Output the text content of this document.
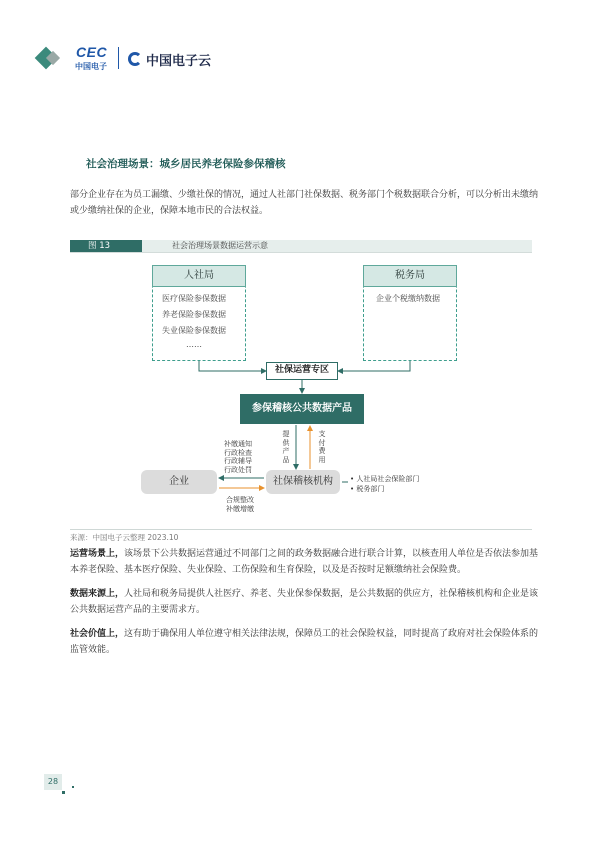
CEC
中国电子	中国电子云
社会治理场景：城乡居民养老保险参保稽核
部分企业存在为员工漏缴、少缴社保的情况，通过人社部门社保数据、税务部门个税数据联合分析，可以分析出未缴纳或少缴纳社保的企业，保障本地市民的合法权益。
图 13	社会治理场景数据运营示意
人社局
医疗保险参保数据
养老保险参保数据
失业保险参保数据
……
税务局
企业个税缴纳数据
社保运营专区
参保稽核公共数据产品
提供产品
支付费用
补缴通知
行政检查
行政辅导
行政处罚
合规整改
补缴增缴
企业	社保稽核机构	• 人社局社会保险部门
• 税务部门
来源：中国电子云整理 2023.10
运营场景上，该场景下公共数据运营通过不同部门之间的政务数据融合进行联合计算，以核查用人单位是否依法参加基本养老保险、基本医疗保险、失业保险、工伤保险和生育保险，以及是否按时足额缴纳社会保险费。
数据来源上，人社局和税务局提供人社医疗、养老、失业保参保数据，是公共数据的供应方，社保稽核机构和企业是该公共数据运营产品的主要需求方。
社会价值上，这有助于确保用人单位遵守相关法律法规，保障员工的社会保险权益，同时提高了政府对社会保险体系的监管效能。
28
